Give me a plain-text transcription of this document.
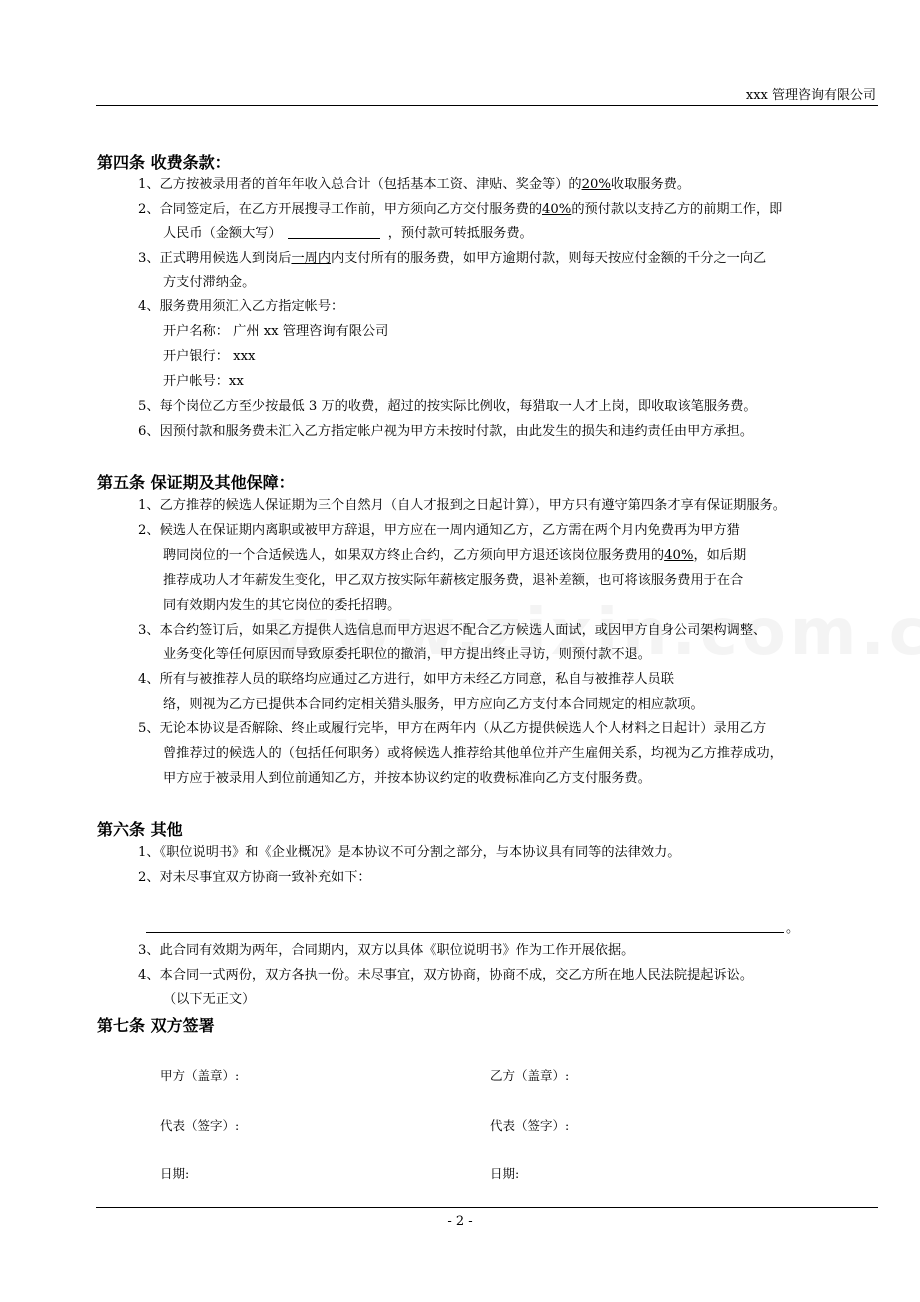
xxx 管理咨询有限公司
第四条 收费条款：
1、乙方按被录用者的首年年收入总合计（包括基本工资、津贴、奖金等）的20%收取服务费。
2、合同签定后，在乙方开展搜寻工作前，甲方须向乙方交付服务费的40%的预付款以支持乙方的前期工作，即
人民币（金额大写）	，预付款可转抵服务费。
3、正式聘用候选人到岗后一周内内支付所有的服务费，如甲方逾期付款，则每天按应付金额的千分之一向乙
方支付滞纳金。
4、服务费用须汇入乙方指定帐号：
开户名称： 广州 xx 管理咨询有限公司
开户银行： xxx
开户帐号：xx
5、每个岗位乙方至少按最低 3 万的收费，超过的按实际比例收，每猎取一人才上岗，即收取该笔服务费。
6、因预付款和服务费未汇入乙方指定帐户视为甲方未按时付款，由此发生的损失和违约责任由甲方承担。
第五条 保证期及其他保障：
1、乙方推荐的候选人保证期为三个自然月（自人才报到之日起计算），甲方只有遵守第四条才享有保证期服务。
2、候选人在保证期内离职或被甲方辞退，甲方应在一周内通知乙方，乙方需在两个月内免费再为甲方猎
聘同岗位的一个合适候选人，如果双方终止合约，乙方须向甲方退还该岗位服务费用的40%，如后期
推荐成功人才年薪发生变化，甲乙双方按实际年薪核定服务费，退补差额，也可将该服务费用于在合
同有效期内发生的其它岗位的委托招聘。
3、本合约签订后，如果乙方提供人选信息而甲方迟迟不配合乙方候选人面试，或因甲方自身公司架构调整、
业务变化等任何原因而导致原委托职位的撤消，甲方提出终止寻访，则预付款不退。
4、所有与被推荐人员的联络均应通过乙方进行，如甲方未经乙方同意，私自与被推荐人员联
络，则视为乙方已提供本合同约定相关猎头服务，甲方应向乙方支付本合同规定的相应款项。
5、无论本协议是否解除、终止或履行完毕，甲方在两年内（从乙方提供候选人个人材料之日起计）录用乙方
曾推荐过的候选人的（包括任何职务）或将候选人推荐给其他单位并产生雇佣关系，均视为乙方推荐成功，
甲方应于被录用人到位前通知乙方，并按本协议约定的收费标准向乙方支付服务费。
第六条 其他
1、《职位说明书》和《企业概况》是本协议不可分割之部分，与本协议具有同等的法律效力。
2、对未尽事宜双方协商一致补充如下：
。
3、此合同有效期为两年，合同期内，双方以具体《职位说明书》作为工作开展依据。
4、本合同一式两份，双方各执一份。未尽事宜，双方协商，协商不成，交乙方所在地人民法院提起诉讼。
（以下无正文）
第七条 双方签署
甲方（盖章）:	乙方（盖章）:
代表（签字）:	代表（签字）:
日期:	日期:
- 2 -
